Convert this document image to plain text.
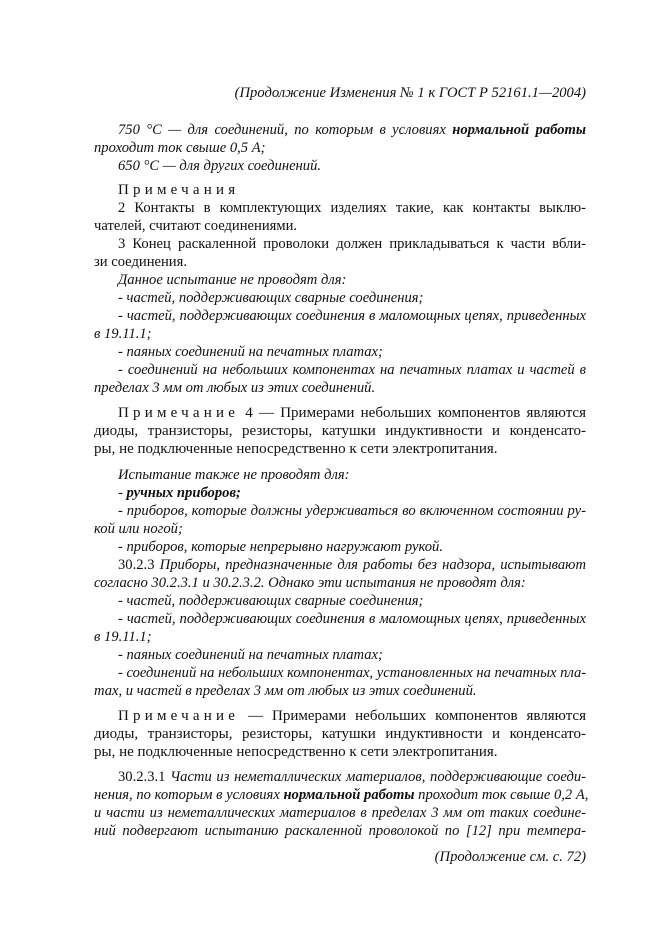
(Продолжение Изменения № 1 к ГОСТ Р 52161.1—2004)
750 °С — для соединений, по которым в условиях нормальной работы
проходит ток свыше 0,5 А;
650 °С — для других соединений.
Примечания
2 Контакты в комплектующих изделиях такие, как контакты выклю-
чателей, считают соединениями.
3 Конец раскаленной проволоки должен прикладываться к части вбли-
зи соединения.
Данное испытание не проводят для:
- частей, поддерживающих сварные соединения;
- частей, поддерживающих соединения в маломощных цепях, приведенных
в 19.11.1;
- паяных соединений на печатных платах;
- соединений на небольших компонентах на печатных платах и частей в
пределах 3 мм от любых из этих соединений.
Примечание 4 — Примерами небольших компонентов являются
диоды, транзисторы, резисторы, катушки индуктивности и конденсато-
ры, не подключенные непосредственно к сети электропитания.
Испытание также не проводят для:
- ручных приборов;
- приборов, которые должны удерживаться во включенном состоянии ру-
кой или ногой;
- приборов, которые непрерывно нагружают рукой.
30.2.3 Приборы, предназначенные для работы без надзора, испытывают
согласно 30.2.3.1 и 30.2.3.2. Однако эти испытания не проводят для:
- частей, поддерживающих сварные соединения;
- частей, поддерживающих соединения в маломощных цепях, приведенных
в 19.11.1;
- паяных соединений на печатных платах;
- соединений на небольших компонентах, установленных на печатных пла-
тах, и частей в пределах 3 мм от любых из этих соединений.
Примечание — Примерами небольших компонентов являются
диоды, транзисторы, резисторы, катушки индуктивности и конденсато-
ры, не подключенные непосредственно к сети электропитания.
30.2.3.1 Части из неметаллических материалов, поддерживающие соеди-
нения, по которым в условиях нормальной работы проходит ток свыше 0,2 А,
и части из неметаллических материалов в пределах 3 мм от таких соедине-
ний подвергают испытанию раскаленной проволокой по [12] при темпера-
(Продолжение см. с. 72)
